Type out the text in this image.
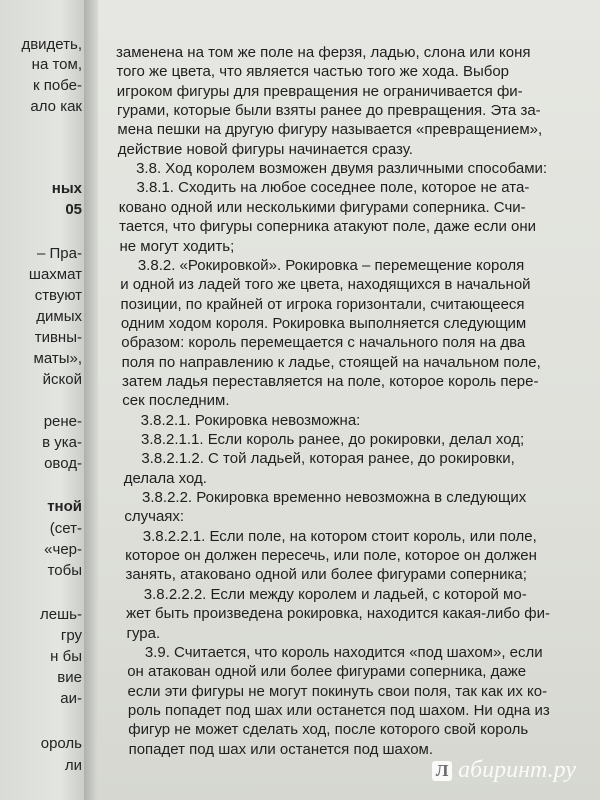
двидеть,
на том,
к побе-
ало как
ных
05
– Пра-
шахмат
ствуют
димых
тивны-
маты»,
йской
рене-
в ука-
овод-
тной
(сет-
«чер-
тобы
лешь-
гру
н бы
вие
аи-
ороль
ли

заменена на том же поле на ферзя, ладью, слона или коня

того же цвета, что является частью того же хода. Выбор

игроком фигуры для превращения не ограничивается фи-

гурами, которые были взяты ранее до превращения. Эта за-

мена пешки на другую фигуру называется «превращением»,

действие новой фигуры начинается сразу.

3.8. Ход королем возможен двумя различными способами:

3.8.1. Сходить на любое соседнее поле, которое не ата-

ковано одной или несколькими фигурами соперника. Счи-

тается, что фигуры соперника атакуют поле, даже если они

не могут ходить;

3.8.2. «Рокировкой». Рокировка – перемещение короля

и одной из ладей того же цвета, находящихся в начальной

позиции, по крайней от игрока горизонтали, считающееся

одним ходом короля. Рокировка выполняется следующим

образом: король перемещается с начального поля на два

поля по направлению к ладье, стоящей на начальном поле,

затем ладья переставляется на поле, которое король пере-

сек последним.

3.8.2.1. Рокировка невозможна:

3.8.2.1.1. Если король ранее, до рокировки, делал ход;

3.8.2.1.2. С той ладьей, которая ранее, до рокировки,

делала ход.

3.8.2.2. Рокировка временно невозможна в следующих

случаях:

3.8.2.2.1. Если поле, на котором стоит король, или поле,

которое он должен пересечь, или поле, которое он должен

занять, атаковано одной или более фигурами соперника;

3.8.2.2.2. Если между королем и ладьей, с которой мо-

жет быть произведена рокировка, находится какая-либо фи-

гура.

3.9. Считается, что король находится «под шахом», если

он атакован одной или более фигурами соперника, даже

если эти фигуры не могут покинуть свои поля, так как их ко-

роль попадет под шах или останется под шахом. Ни одна из

фигур не может сделать ход, после которого свой король

попадет под шах или останется под шахом.

Л абиринт.ру
